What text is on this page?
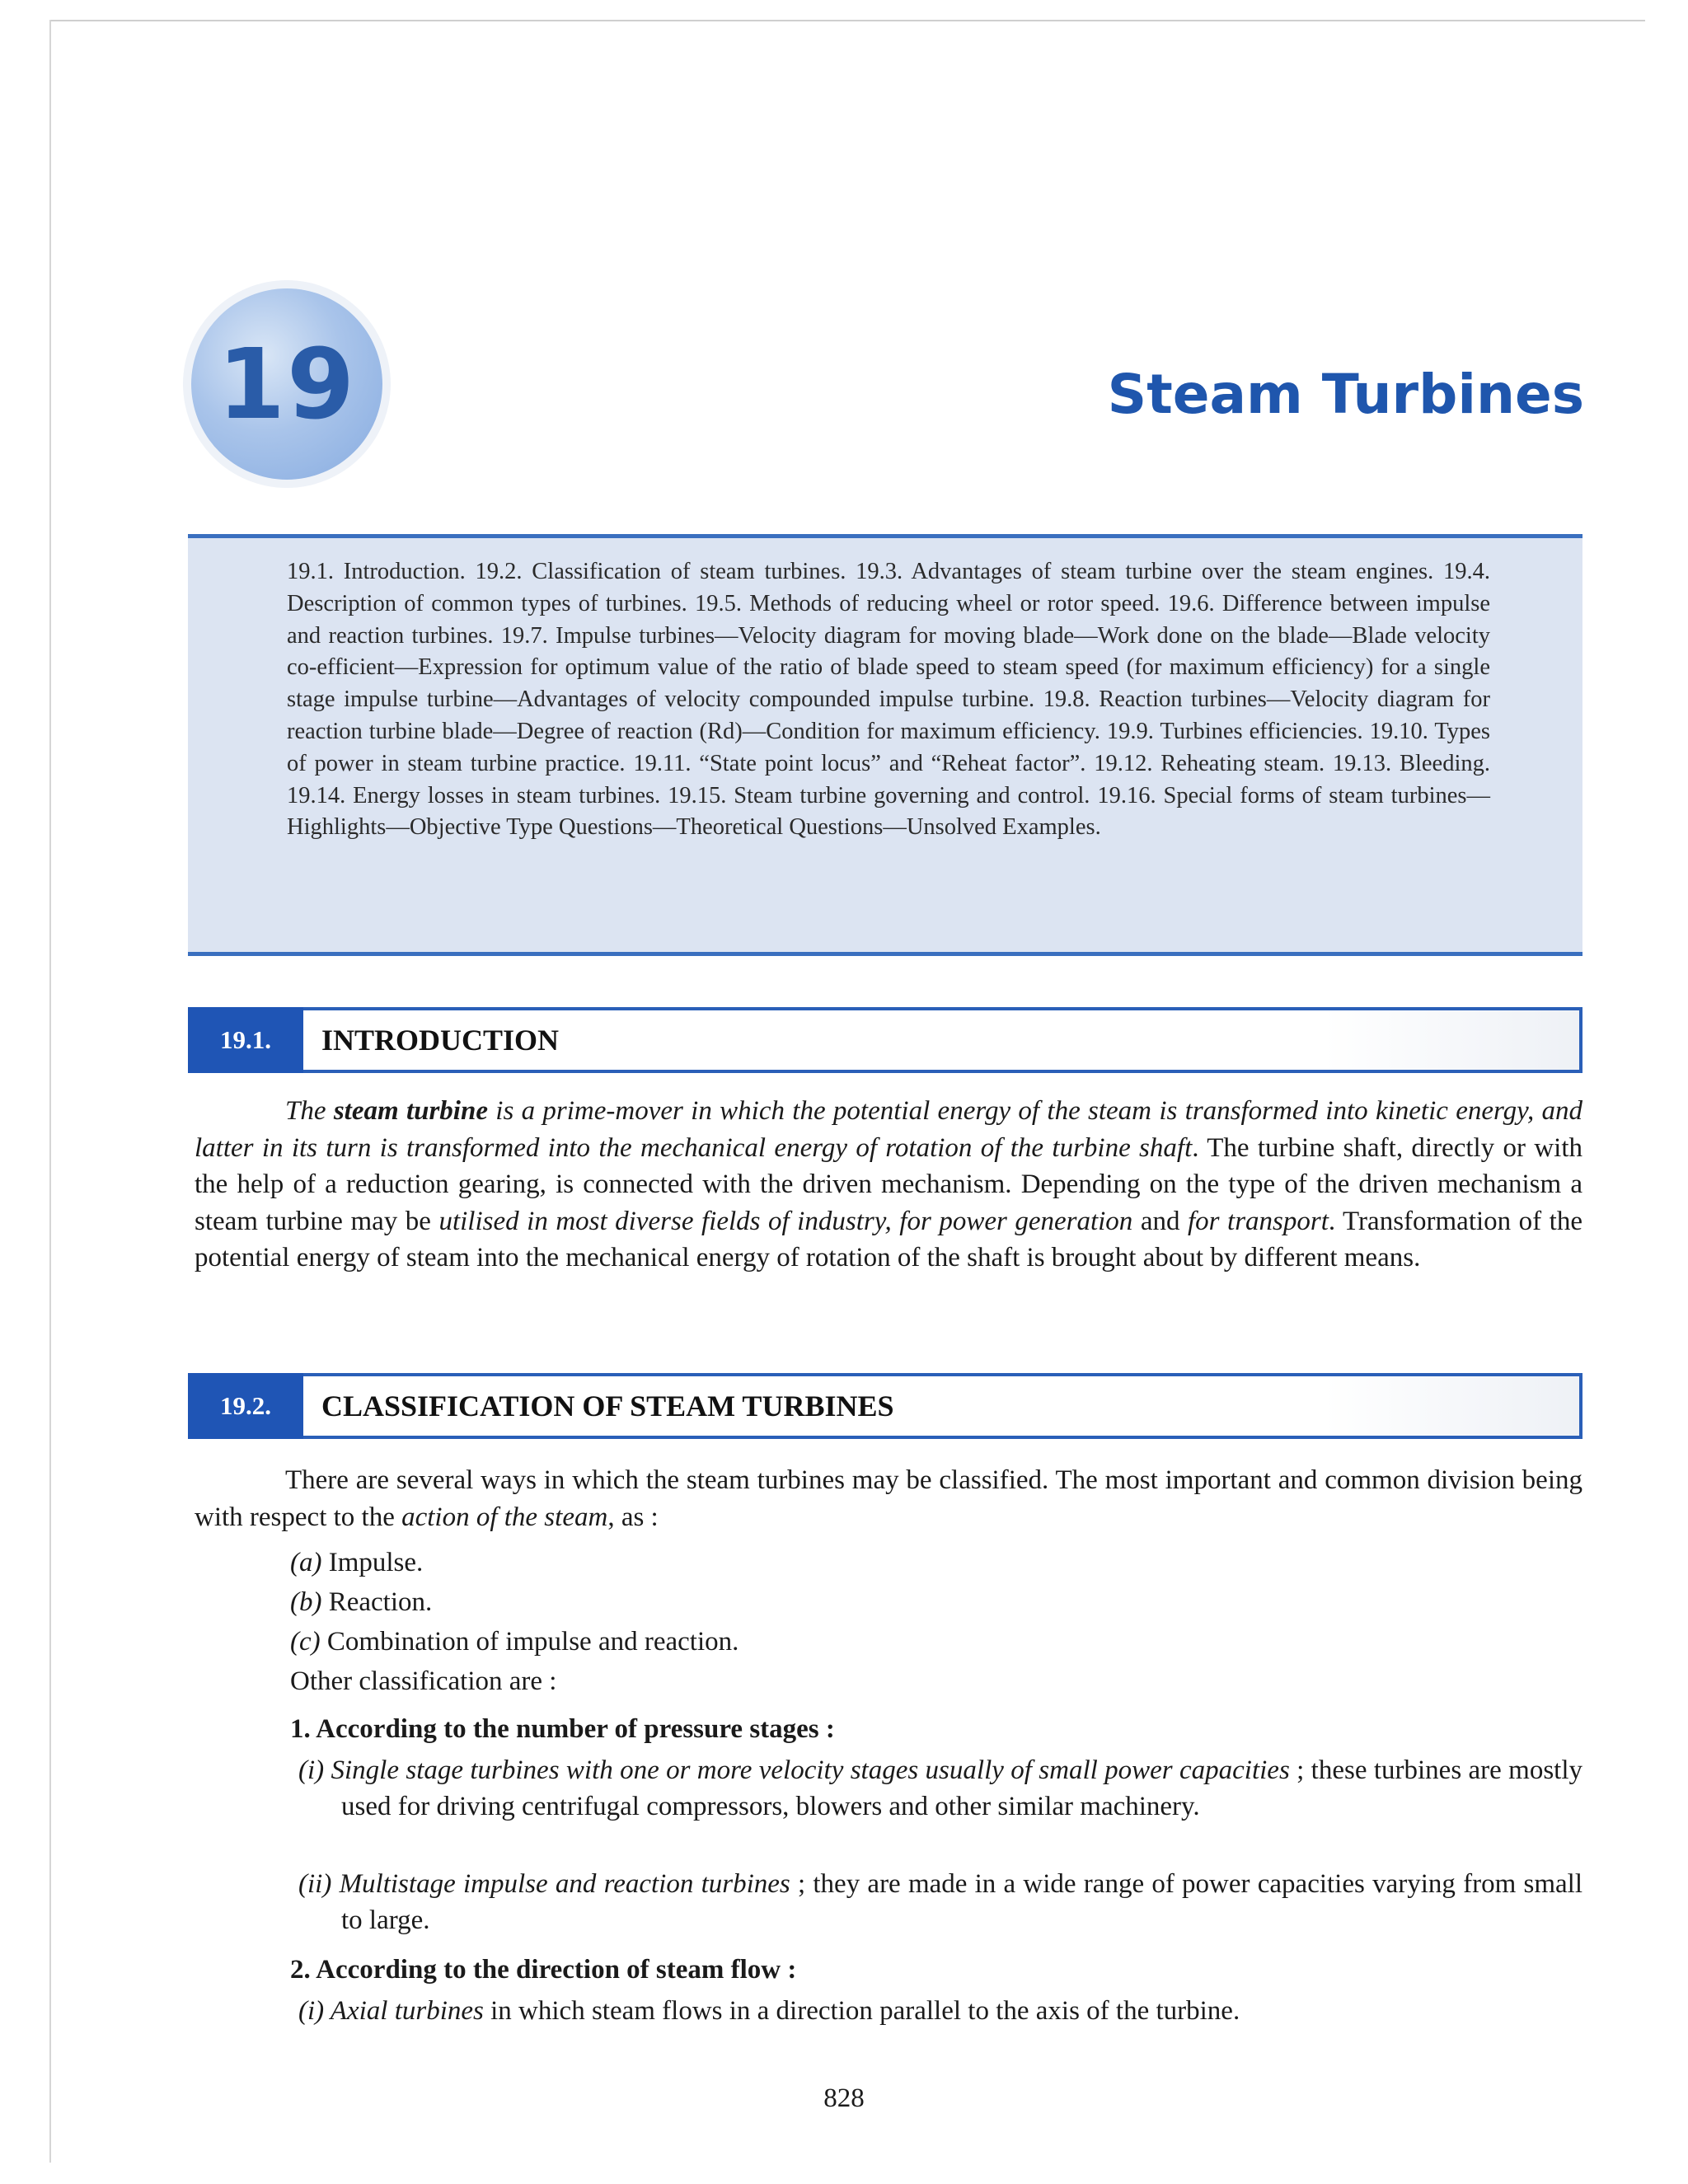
19	Steam Turbines
19.1. Introduction. 19.2. Classification of steam turbines. 19.3. Advantages of steam turbine over the steam engines. 19.4. Description of common types of turbines. 19.5. Methods of reducing wheel or rotor speed. 19.6. Difference between impulse and reaction turbines. 19.7. Impulse turbines—Velocity diagram for moving blade—Work done on the blade—Blade velocity co-efficient—Expression for optimum value of the ratio of blade speed to steam speed (for maximum efficiency) for a single stage impulse turbine—Advantages of velocity compounded impulse turbine. 19.8. Reaction turbines—Velocity diagram for reaction turbine blade—Degree of reaction (Rd)—Condition for maximum efficiency. 19.9. Turbines efficiencies. 19.10. Types of power in steam turbine practice. 19.11. “State point locus” and “Reheat factor”. 19.12. Reheating steam. 19.13. Bleeding. 19.14. Energy losses in steam turbines. 19.15. Steam turbine governing and control. 19.16. Special forms of steam turbines—Highlights—Objective Type Questions—Theoretical Questions—Unsolved Examples.
19.1.	INTRODUCTION
The steam turbine is a prime-mover in which the potential energy of the steam is transformed into kinetic energy, and latter in its turn is transformed into the mechanical energy of rotation of the turbine shaft. The turbine shaft, directly or with the help of a reduction gearing, is connected with the driven mechanism. Depending on the type of the driven mechanism a steam turbine may be utilised in most diverse fields of industry, for power generation and for transport. Transformation of the potential energy of steam into the mechanical energy of rotation of the shaft is brought about by different means.
19.2.	CLASSIFICATION OF STEAM TURBINES
There are several ways in which the steam turbines may be classified. The most important and common division being with respect to the action of the steam, as :
(a) Impulse.
(b) Reaction.
(c) Combination of impulse and reaction.
Other classification are :
1. According to the number of pressure stages :
(i) Single stage turbines with one or more velocity stages usually of small power capacities ; these turbines are mostly used for driving centrifugal compressors, blowers and other similar machinery.
(ii) Multistage impulse and reaction turbines ; they are made in a wide range of power capacities varying from small to large.
2. According to the direction of steam flow :
(i) Axial turbines in which steam flows in a direction parallel to the axis of the turbine.
828
